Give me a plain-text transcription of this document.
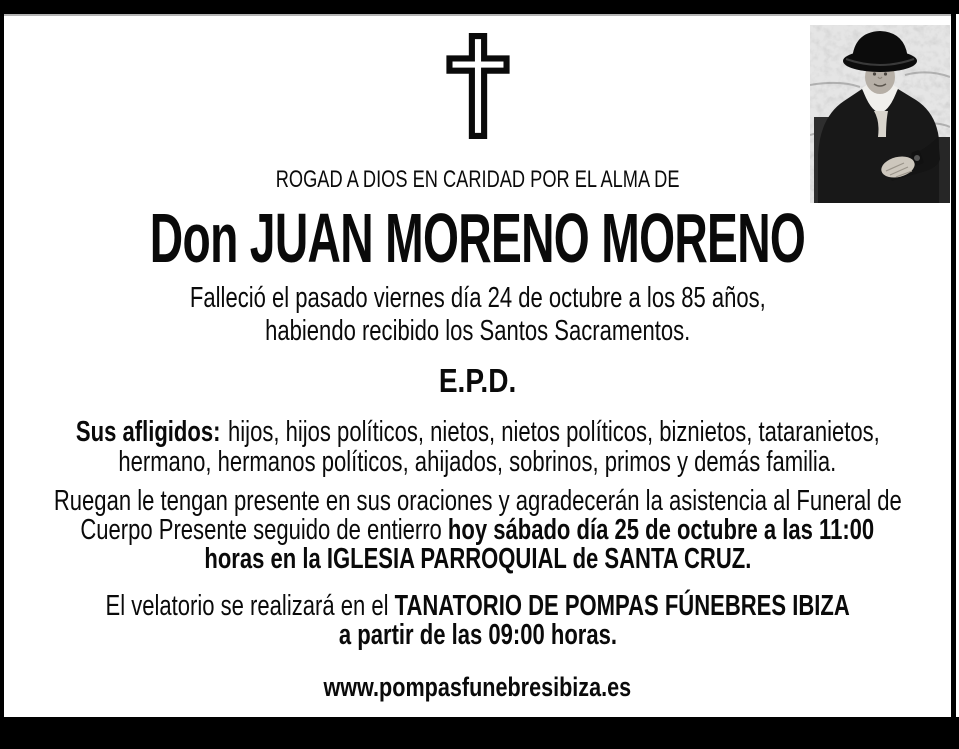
ROGAD A DIOS EN CARIDAD POR EL ALMA DE
Don JUAN MORENO MORENO
Falleció el pasado viernes día 24 de octubre a los 85 años,
habiendo recibido los Santos Sacramentos.
E.P.D.
Sus afligidos: hijos, hijos políticos, nietos, nietos políticos, biznietos, tataranietos,
hermano, hermanos políticos, ahijados, sobrinos, primos y demás familia.
Ruegan le tengan presente en sus oraciones y agradecerán la asistencia al Funeral de
Cuerpo Presente seguido de entierro hoy sábado día 25 de octubre a las 11:00
horas en la IGLESIA PARROQUIAL de SANTA CRUZ.
El velatorio se realizará en el TANATORIO DE POMPAS FÚNEBRES IBIZA
a partir de las 09:00 horas.
www.pompasfunebresibiza.es
